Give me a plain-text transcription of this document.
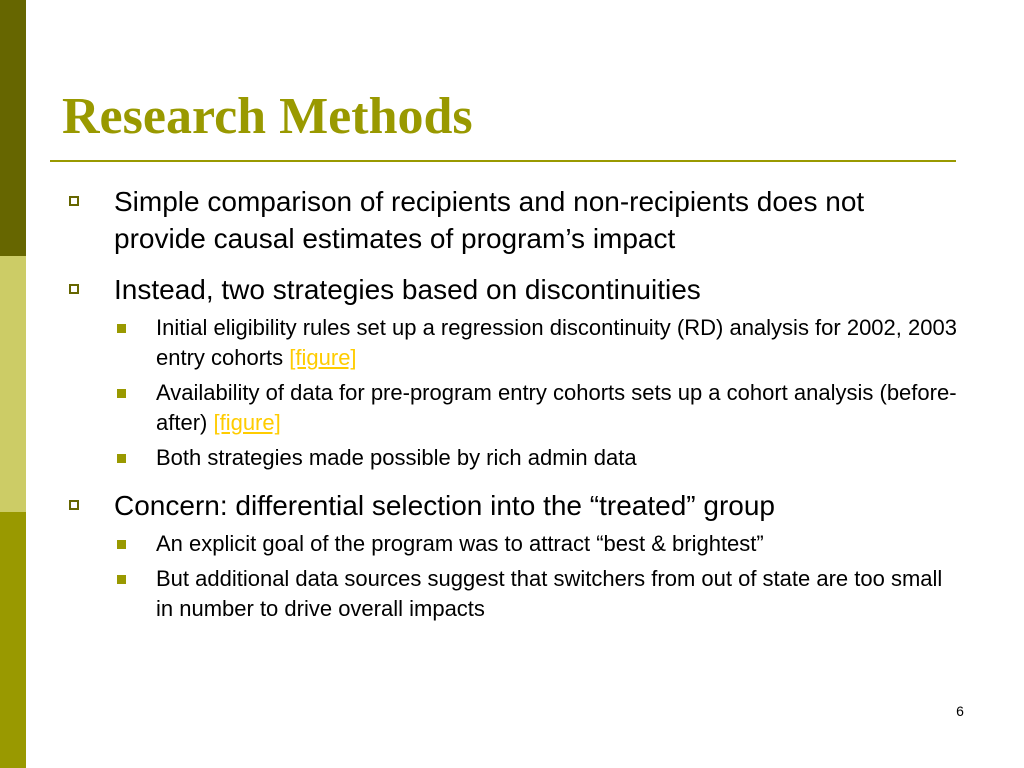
Research Methods
Simple comparison of recipients and non-recipients does not provide causal estimates of program’s impact
Instead, two strategies based on discontinuities
Initial eligibility rules set up a regression discontinuity (RD) analysis for 2002, 2003 entry cohorts [figure]
Availability of data for pre-program entry cohorts sets up a cohort analysis (before-after) [figure]
Both strategies made possible by rich admin data
Concern: differential selection into the “treated” group
An explicit goal of the program was to attract “best & brightest”
But additional data sources suggest that switchers from out of state are too small in number to drive overall impacts
6
